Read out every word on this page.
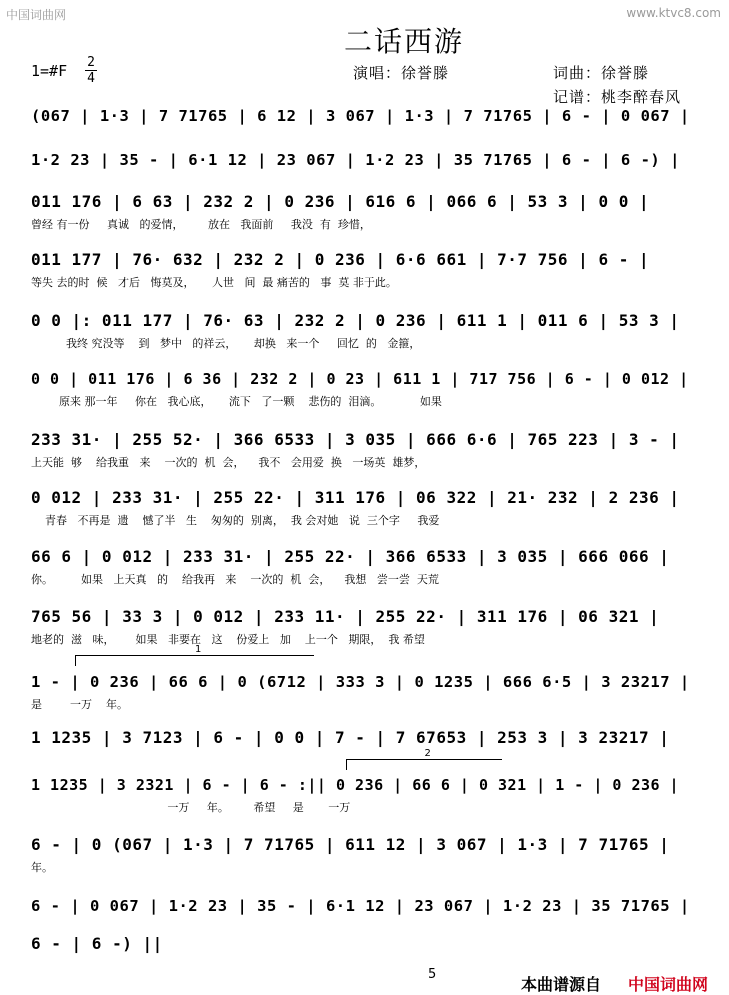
中国词曲网	www.ktvc8.com
二话西游
1=#F 2
4	演唱：徐誉滕	词曲：徐誉滕
记谱：桃李醉春风
(067 | 1·3 | 7 71765 | 6 12 | 3 067 | 1·3 | 7 71765 | 6 - | 0 067 |
1·2 23 | 35 - | 6·1 12 | 23 067 | 1·2 23 | 35 71765 | 6 - | 6 -) |
011 176 | 6 63 | 232 2 | 0 236 | 616 6 | 066 6 | 53 3 | 0 0 |
曾经 有一份     真诚   的爱情，       放在   我面前     我没  有  珍惜，
011 177 | 76· 632 | 232 2 | 0 236 | 6·6 661 | 7·7 756 | 6 - |
等失 去的时  候   才后   悔莫及，     人世   间  最 痛苦的   事  莫 非于此。
0 0 |: 011 177 | 76· 63 | 232 2 | 0 236 | 611 1 | 011 6 | 53 3 |
我终 究没等    到   梦中   的祥云，     却换   来一个     回忆  的   金箍，
0 0 | 011 176 | 6 36 | 232 2 | 0 23 | 611 1 | 717 756 | 6 - | 0 012 |
原来 那一年     你在   我心底，     流下   了一颗    悲伤的  泪滴。           如果
233 31· | 255 52· | 366 6533 | 3 035 | 666 6·6 | 765 223 | 3 - |
上天能  够    给我重   来    一次的  机  会，    我不   会用爱  换   一场英  雄梦，
0 012 | 233 31· | 255 22· | 311 176 | 06 322 | 21· 232 | 2 236 |
青春   不再是  遗    憾了半   生    匆匆的  别离，  我 会对她   说  三个字     我爱
66 6 | 0 012 | 233 31· | 255 22· | 366 6533 | 3 035 | 666 066 |
你。        如果   上天真   的    给我再   来    一次的  机  会，    我想   尝一尝  天荒
765 56 | 33 3 | 0 012 | 233 11· | 255 22· | 311 176 | 06 321 |
地老的  滋   味，      如果   非要在   这    份爱上   加    上一个   期限，  我 希望
1 - | 0 236 | 66 6 | 0 (6712 | 333 3 | 0 1235 | 666 6·5 | 3 23217 |
是        一万    年。
1 1235 | 3 7123 | 6 - | 0 0 | 7 - | 7 67653 | 253 3 | 3 23217 |
1 1235 | 3 2321 | 6 - | 6 - :|| 0 236 | 66 6 | 0 321 | 1 - | 0 236 |
一万     年。       希望     是       一万
6 - | 0 (067 | 1·3 | 7 71765 | 611 12 | 3 067 | 1·3 | 7 71765 |
年。
6 - | 0 067 | 1·2 23 | 35 - | 6·1 12 | 23 067 | 1·2 23 | 35 71765 |
6 - | 6 -) ||
1
2
5
本曲谱源自 中国词曲网
